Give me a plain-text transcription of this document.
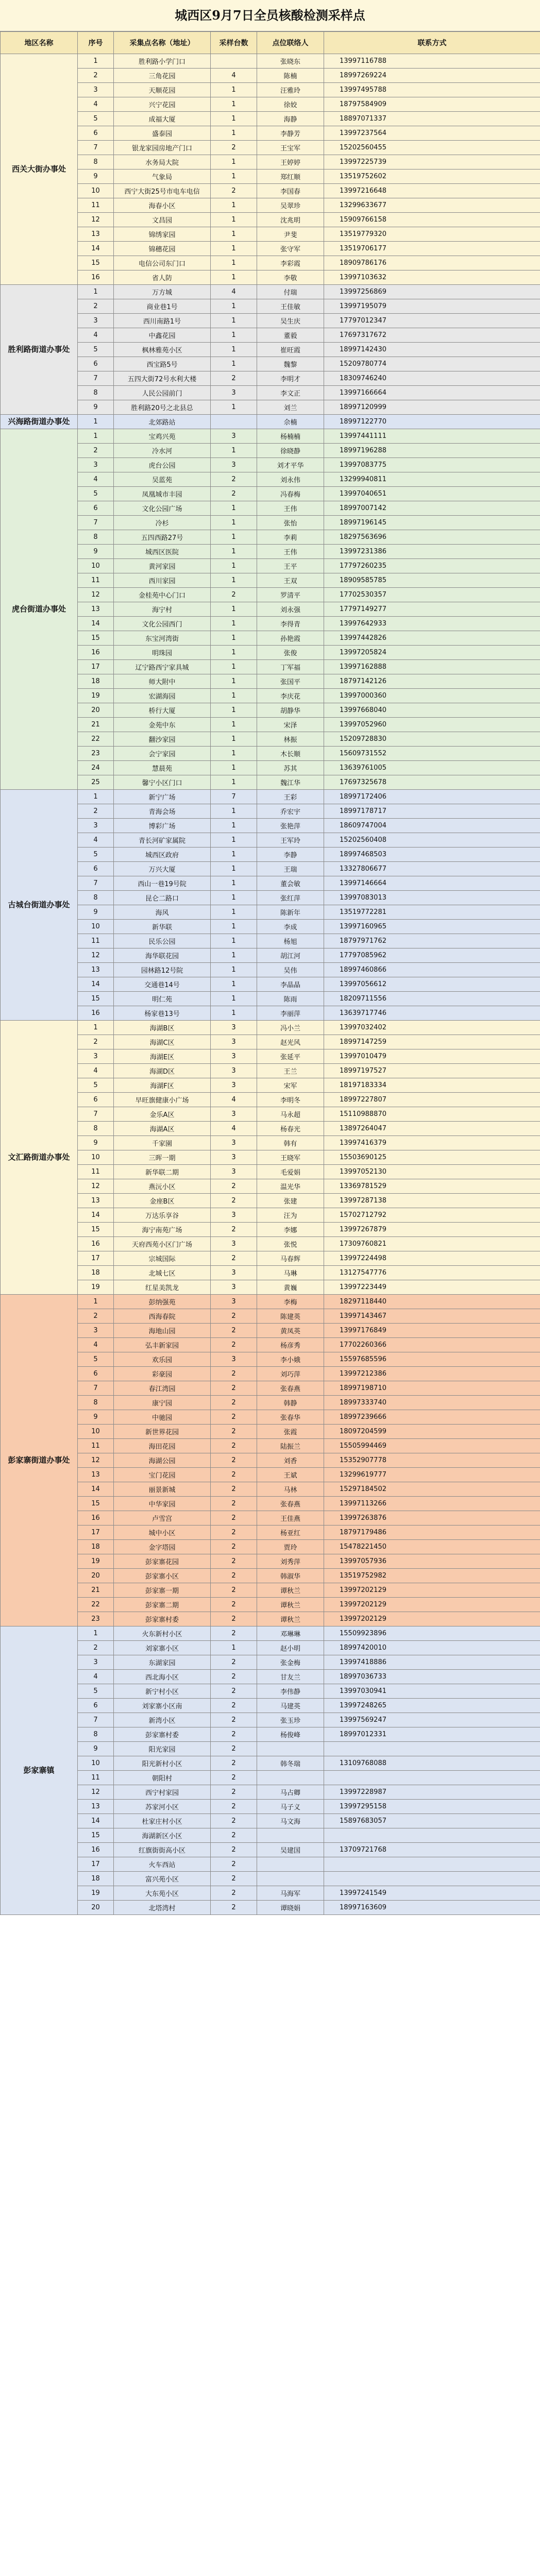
城西区9月7日全员核酸检测采样点
地区名称	序号	采集点名称（地址）	采样台数	点位联络人	联系方式
西关大街办事处	1	胜利路小学门口		张晓东	13997116788
	2	三角花园	4	陈楠	18997269224
	3	天顺花园	1	汪雅玲	13997495788
	4	兴宁花园	1	徐姣	18797584909
	5	成福大厦	1	海静	18897071337
	6	盛泰园	1	李静芳	13997237564
	7	银龙家园房地产门口	2	王宝军	15202560455
	8	水务局大院	1	王婷婷	13997225739
	9	气象局	1	郑红顺	13519752602
	10	西宁大街25号市电车电信	2	李国春	13997216648
	11	海春小区	1	吴翠珍	13299633677
	12	文昌园	1	沈兆明	15909766158
	13	锦绣家园	1	尹斐	13519779320
	14	锦穗花园	1	张守军	13519706177
	15	电信公司东门口	1	李彩霞	18909786176
	16	省人防	1	李敬	13997103632
胜利路街道办事处	1	万方城	4	付瑞	13997256869
	2	商业巷1号	1	王佳敏	13997195079
	3	西川南路1号	1	吴生庆	17797012347
	4	中鑫花园	1	董毅	17697317672
	5	枫林雅苑小区	1	崔旺霞	18997142430
	6	西宝路5号	1	魏黎	15209780774
	7	五四大街72号水利大楼	2	李明才	18309746240
	8	人民公园前门	3	李文正	13997166664
	9	胜利路20号之北县总	1	刘兰	18997120999
兴海路街道办事处	1	北郊路站		佘楠	18997122770
虎台街道办事处	1	宝鸡兴苑	3	杨楠楠	13997441111
	2	冷水河	1	徐晓静	18997196288
	3	虎台公园	3	刘才平华	13997083775
	4	吴蓝苑	2	刘永伟	13299940811
	5	凤凰城市丰园	2	冯春梅	13997040651
	6	文化公园广场	1	王伟	18997007142
	7	冷杉	1	张怡	18997196145
	8	五四西路27号	1	李莉	18297563696
	9	城西区医院	1	王伟	13997231386
	10	黄河家园	1	王平	17797260235
	11	西川家园	1	王双	18909585785
	12	金桂苑中心门口	2	罗清平	17702530357
	13	海宁村	1	刘永强	17797149277
	14	文化公园西门	1	李得青	13997642933
	15	东宝河湾街	1	孙艳霞	13997442826
	16	明珠园	1	张俊	13997205824
	17	辽宁路西宁家具城	1	丁军福	13997162888
	18	师大附中	1	张国平	18797142126
	19	宏湖海园	1	李庆花	13997000360
	20	桥行大厦	1	胡静华	13997668040
	21	金苑中东	1	宋泽	13997052960
	22	翻沙家园	1	林振	15209728830
	23	会宁家园	1	木长顺	15609731552
	24	慧晨苑	1	苏其	13639761005
	25	馨宁小区门口	1	魏江华	17697325678
古城台街道办事处	1	新宁广场	7	王彩	18997172406
	2	青海会场	1	乔宏宇	18997178717
	3	博彩广场	1	张艳萍	18609747004
	4	青长河矿家属院	1	王军玲	15202560408
	5	城西区政府	1	李静	18997468503
	6	万兴大厦	1	王瑞	13327806677
	7	西山一巷19号院	1	董会敏	13997146664
	8	昆仑二路口	1	张红萍	13997083013
	9	海风	1	陈新年	13519772281
	10	新华联	1	李成	13997160965
	11	民乐公园	1	杨旭	18797971762
	12	海华联花园	1	胡江河	17797085962
	13	园林路12号院	1	吴伟	18997460866
	14	交通巷14号	1	李晶晶	13997056612
	15	明仁苑	1	陈雨	18209711556
	16	杨家巷13号	1	李丽萍	13639717746
文汇路街道办事处	1	海湖B区	3	冯小兰	13997032402
	2	海湖C区	3	赵光风	18997147259
	3	海湖E区	3	张延平	13997010479
	4	海湖D区	3	王兰	18997197527
	5	海湖F区	3	宋军	18197183334
	6	早旺旗健康小广场	4	李明冬	18997227807
	7	金乐A区	3	马永超	15110988870
	8	海湖A区	4	杨春光	13897264047
	9	千家園	3	韩有	13997416379
	10	三晖一期	3	王晓军	15503690125
	11	新华联二期	3	毛爱娟	13997052130
	12	燕沅小区	2	温光华	13369781529
	13	金座B区	2	张建	13997287138
	14	万达乐享谷	3	汪为	15702712792
	15	海宁南苑广场	2	李娜	13997267879
	16	天府西苑小区门广场	3	张悦	17309760821
	17	宗城国际	2	马春辉	13997224498
	18	北城七区	3	马琳	13127547776
	19	红星美凯龙	3	黄巍	13997223449
彭家寨街道办事处	1	彭纳强苑	3	李梅	18297118440
	2	西海春院	2	陈建英	13997143467
	3	海地山园	2	黄凤英	13997176849
	4	弘丰新家园	2	杨彦秀	17702260366
	5	欢乐园	3	李小娥	15597685596
	6	彩豪园	2	刘巧萍	13997212386
	7	春江湾园	2	张春燕	18997198710
	8	康宁园	2	韩静	18997333740
	9	中驰园	2	张春华	18997239666
	10	新世界花园	2	张霞	18097204599
	11	海田花园	2	陆振兰	15505994469
	12	海湖公园	2	刘香	15352907778
	13	宝门花园	2	王斌	13299619777
	14	丽景新城	2	马林	15297184502
	15	中华家园	2	张春燕	13997113266
	16	卢雪宫	2	王佳燕	13997263876
	17	城中小区	2	杨亚红	18797179486
	18	金字塔园	2	贾玲	15478221450
	19	彭家寨花园	2	刘秀萍	13997057936
	20	彭家寨小区	2	韩淑华	13519752982
	21	彭家寨一期	2	谭秋兰	13997202129
	22	彭家寨二期	2	谭秋兰	13997202129
	23	彭家寨村委	2	谭秋兰	13997202129
彭家寨镇	1	火东新村小区	2	邓琳琳	15509923896
	2	刘家寨小区	1	赵小明	18997420010
	3	东湖家园	2	张金梅	13997418886
	4	西北海小区	2	甘友兰	18997036733
	5	新宁村小区	2	李伟静	13997030941
	6	刘家寨小区南	2	马建英	13997248265
	7	新湾小区	2	张玉珍	13997569247
	8	彭家寨村委	2	杨俊峰	18997012331
	9	阳光家园	2		
	10	阳光新村小区	2	韩冬瑞	13109768088
	11	朝阳村	2		
	12	西宁村家园	2	马占卿	13997228987
	13	苏家河小区	2	马子义	13997295158
	14	杜家庄村小区	2	马文海	15897683057
	15	海湖新区小区	2		
	16	红旗街街高小区	2	吴建国	13709721768
	17	火车西站	2		
	18	富兴苑小区	2		
	19	大东苑小区	2	马海军	13997241549
	20	北塔湾村	2	谭晓娟	18997163609
